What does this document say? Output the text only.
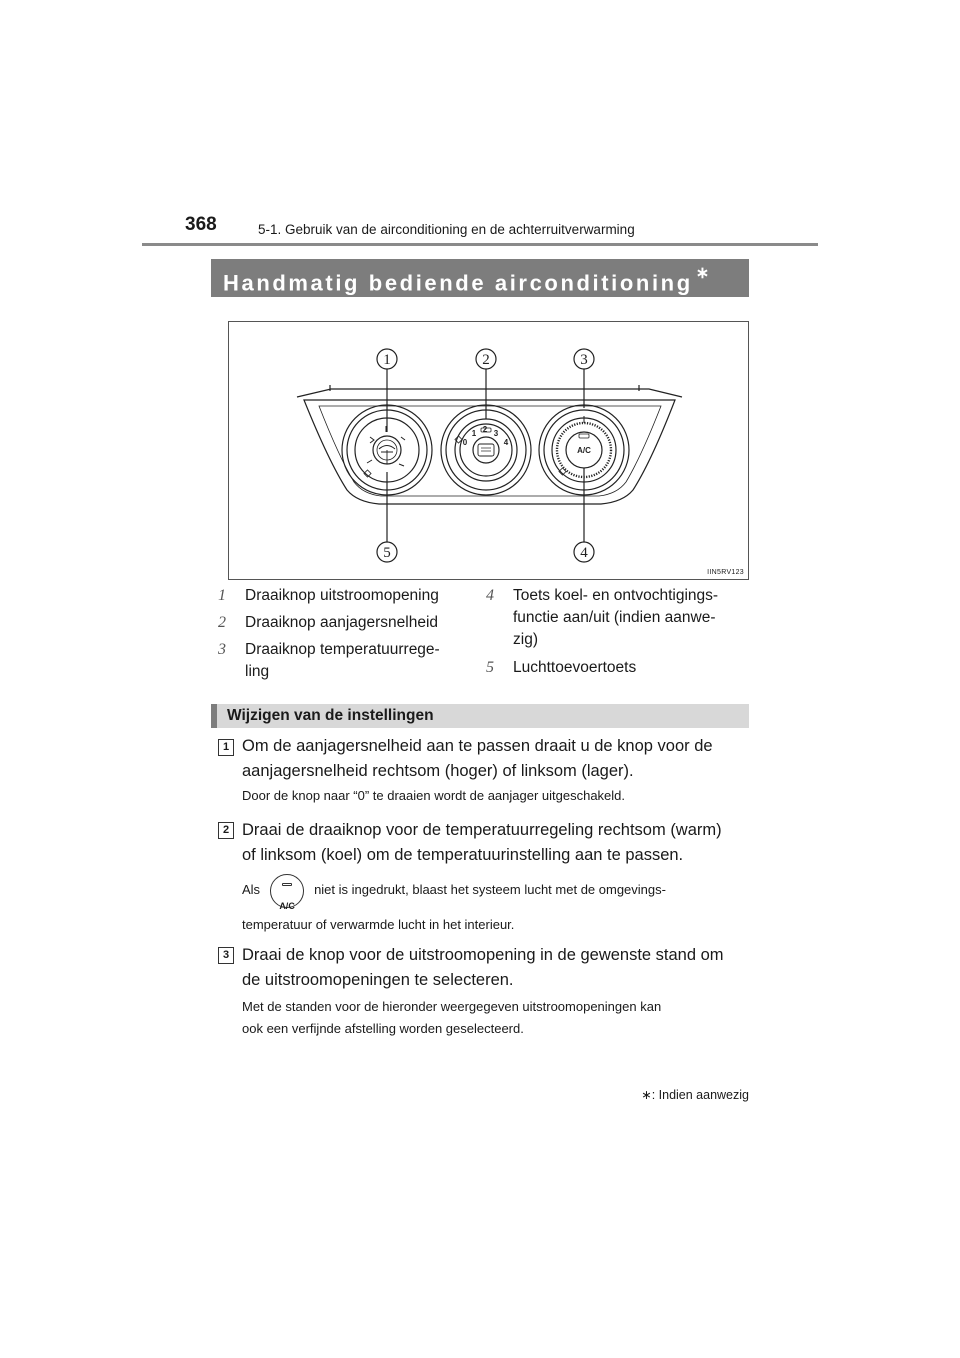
368	5-1. Gebruik van de airconditioning en de achterruitverwarming
Handmatig bediende airconditioning ∗
0
1 2 3
4
A/C
1	2	3
4
5
IIN5RV123
1 Draaiknop uitstroomopening
2 Draaiknop aanjagersnelheid
3 Draaiknop temperatuurrege-
ling
4 Toets koel- en ontvochtigings-
functie aan/uit (indien aanwe-
zig)
5 Luchttoevoertoets
Wijzigen van de instellingen
1 Om de aanjagersnelheid aan te passen draait u de knop voor de
aanjagersnelheid rechtsom (hoger) of linksom (lager).
Door de knop naar “0” te draaien wordt de aanjager uitgeschakeld.
2 Draai de draaiknop voor de temperatuurregeling rechtsom (warm)
of linksom (koel) om de temperatuurinstelling aan te passen.
Als
A/C
niet is ingedrukt, blaast het systeem lucht met de omgevings-
temperatuur of verwarmde lucht in het interieur.
3 Draai de knop voor de uitstroomopening in de gewenste stand om
de uitstroomopeningen te selecteren.
Met de standen voor de hieronder weergegeven uitstroomopeningen kan
ook een verfijnde afstelling worden geselecteerd.
∗: Indien aanwezig
